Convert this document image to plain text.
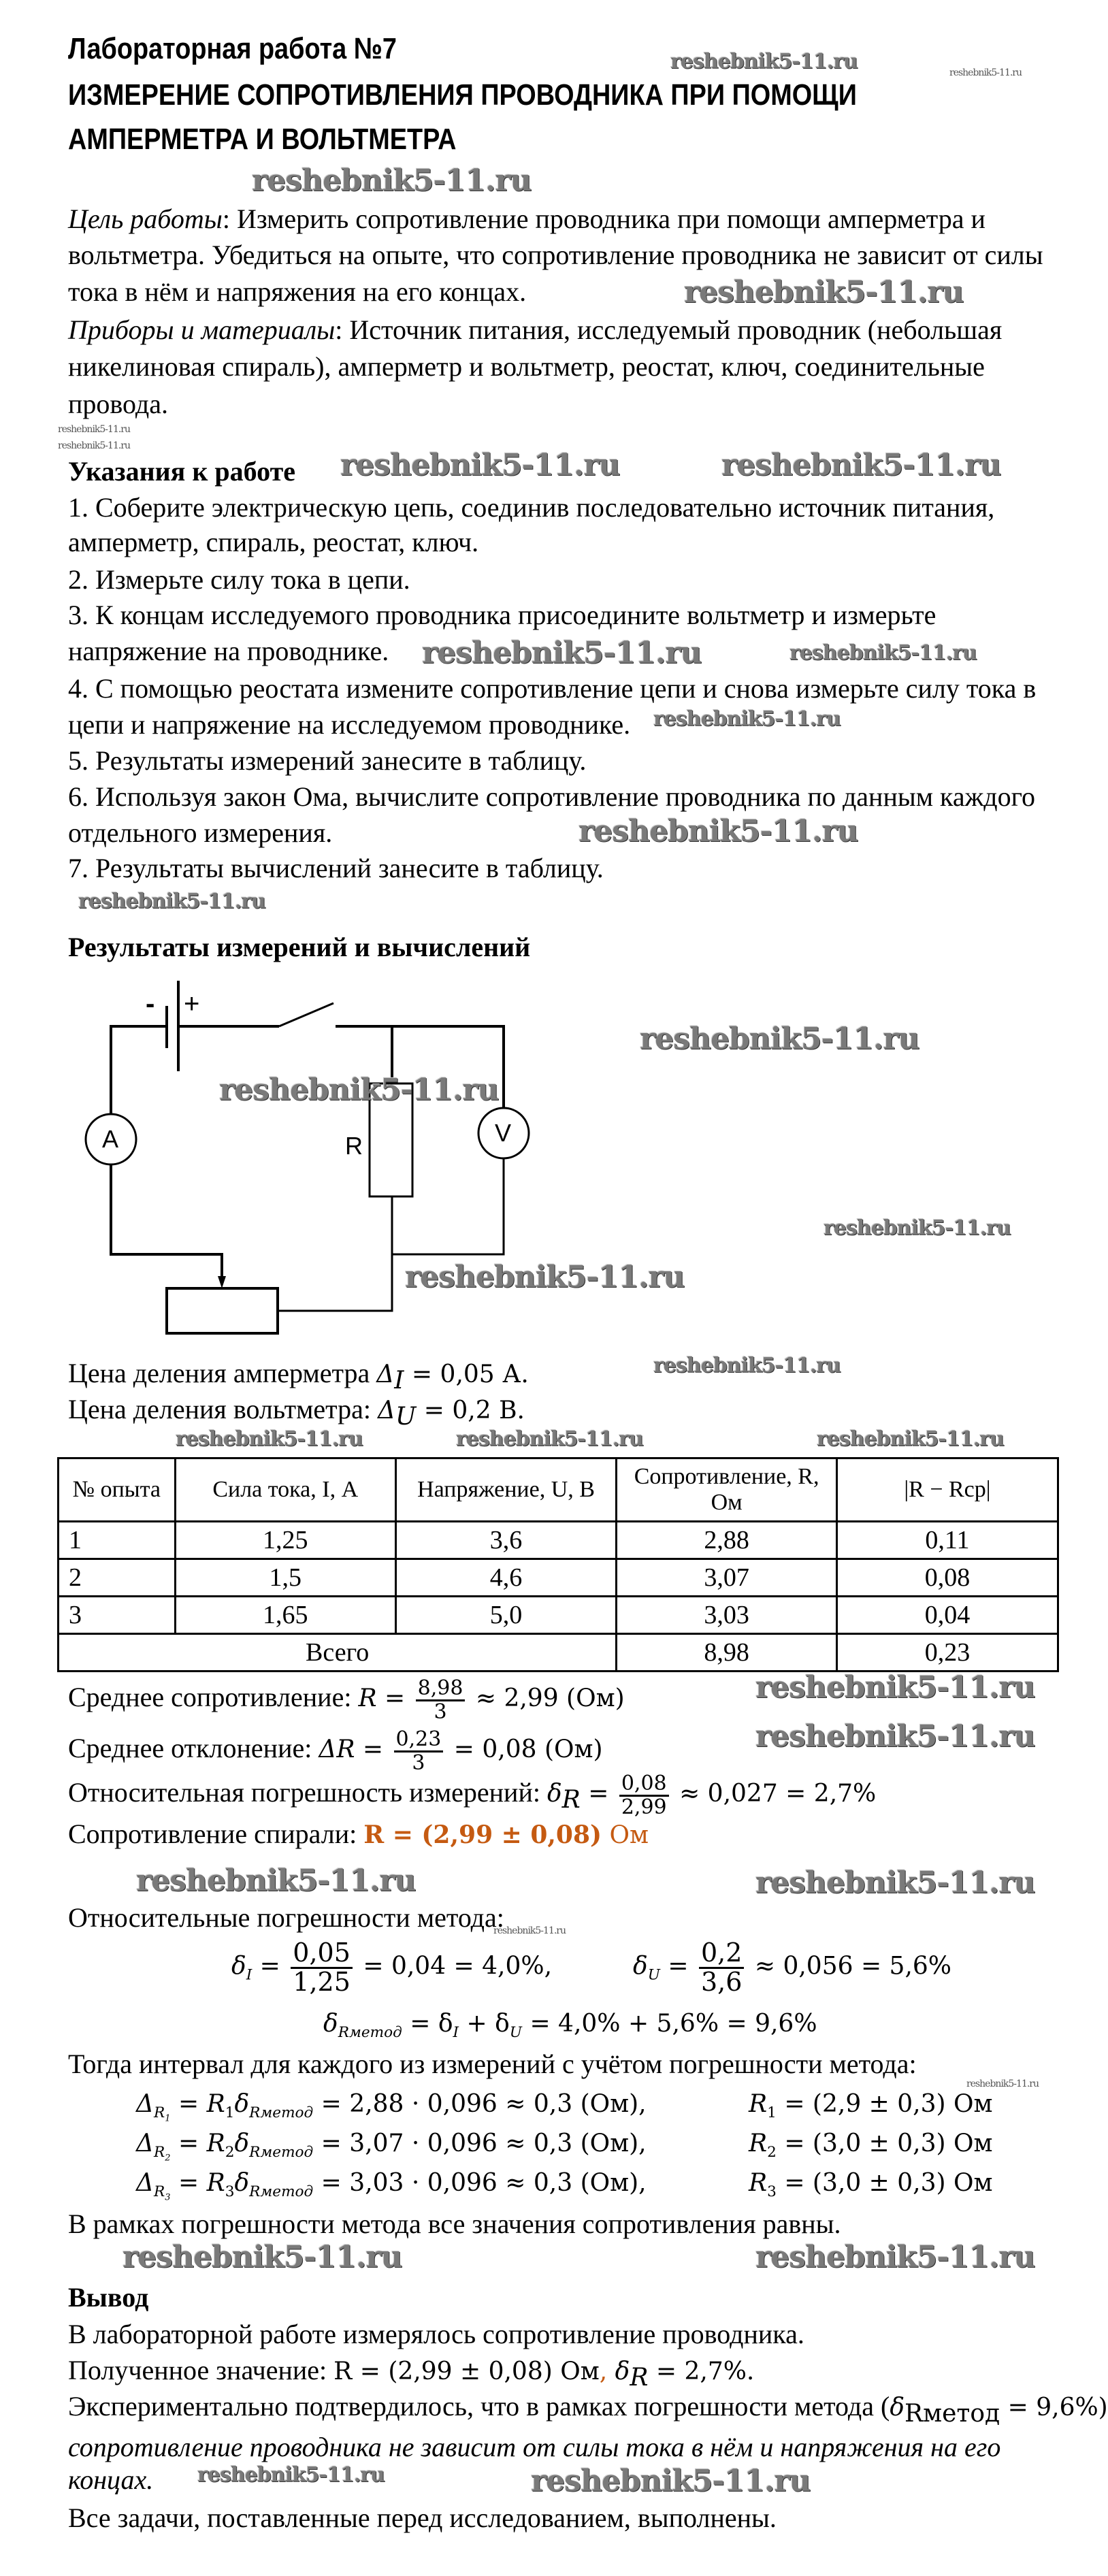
Лабораторная работа №7
ИЗМЕРЕНИЕ СОПРОТИВЛЕНИЯ ПРОВОДНИКА ПРИ ПОМОЩИ
АМПЕРМЕТРА И ВОЛЬТМЕТРА
Цель работы: Измерить сопротивление проводника при помощи амперметра и
вольтметра. Убедиться на опыте, что сопротивление проводника не зависит от силы
тока в нём и напряжения на его концах.
Приборы и материалы: Источник питания, исследуемый проводник (небольшая
никелиновая спираль), амперметр и вольтметр, реостат, ключ, соединительные
провода.
Указания к работе
1. Соберите электрическую цепь, соединив последовательно источник питания,
амперметр, спираль, реостат, ключ.
2. Измерьте силу тока в цепи.
3. К концам исследуемого проводника присоедините вольтметр и измерьте
напряжение на проводнике.
4. С помощью реостата измените сопротивление цепи и снова измерьте силу тока в
цепи и напряжение на исследуемом проводнике.
5. Результаты измерений занесите в таблицу.
6. Используя закон Ома, вычислите сопротивление проводника по данным каждого
отдельного измерения.
7. Результаты вычислений занесите в таблицу.
Результаты измерений и вычислений
- +
A	V
R
Цена деления амперметра $\Delta_I = 0,05$ А.
Цена деления вольтметра: $\Delta_U = 0,2$ В.
№ опыта	Сила тока, I, А	Напряжение, U, В	Сопротивление, R, Ом	|R − Rср|
1	1,25	3,6	2,88	0,11
2	1,5	4,6	3,07	0,08
3	1,65	5,0	3,03	0,04
Всего			8,98	0,23
Среднее сопротивление: $R = \frac{8,98}{3} \approx 2,99$ (Ом)
Среднее отклонение: $\Delta R = \frac{0,23}{3} = 0,08$ (Ом)
Относительная погрешность измерений: $\delta_R = \frac{0,08}{2,99} \approx 0,027 = 2,7\%$
Сопротивление спирали: R = (2,99 ± 0,08) Ом
Относительные погрешности метода:
$\delta_I = \frac{0,05}{1,25} = 0,04 = 4,0\%$,	$\delta_U = \frac{0,2}{3,6} \approx 0,056 = 5,6\%$
$\delta_{Rметод} = \delta_I + \delta_U = 4,0\% + 5,6\% = 9,6\%$
Тогда интервал для каждого из измерений с учётом погрешности метода:
$\Delta_{R_1} = R_1\delta_{Rметод} = 2,88 \cdot 0,096 \approx 0,3$ (Ом),	$R_1 = (2,9 \pm 0,3)$ Ом
$\Delta_{R_2} = R_2\delta_{Rметод} = 3,07 \cdot 0,096 \approx 0,3$ (Ом),	$R_2 = (3,0 \pm 0,3)$ Ом
$\Delta_{R_3} = R_3\delta_{Rметод} = 3,03 \cdot 0,096 \approx 0,3$ (Ом),	$R_3 = (3,0 \pm 0,3)$ Ом
В рамках погрешности метода все значения сопротивления равны.
Вывод
В лабораторной работе измерялось сопротивление проводника.
Полученное значение: R = (2,99 ± 0,08) Ом, $\delta_R = 2,7\%$.
Экспериментально подтвердилось, что в рамках погрешности метода $(\delta_{Rметод} = 9,6\%)$
сопротивление проводника не зависит от силы тока в нём и напряжения на его
концах.
Все задачи, поставленные перед исследованием, выполнены.
reshebnik5-11.ru	reshebnik5-11.ru
reshebnik5-11.ru
reshebnik5-11.ru
reshebnik5-11.ru
reshebnik5-11.ru
reshebnik5-11.ru	reshebnik5-11.ru
reshebnik5-11.ru	reshebnik5-11.ru
reshebnik5-11.ru
reshebnik5-11.ru
reshebnik5-11.ru
reshebnik5-11.ru
reshebnik5-11.ru
reshebnik5-11.ru
reshebnik5-11.ru
reshebnik5-11.ru
reshebnik5-11.ru	reshebnik5-11.ru
reshebnik5-11.ru
reshebnik5-11.ru
reshebnik5-11.ru
reshebnik5-11.ru
reshebnik5-11.ru
reshebnik5-11.ru
reshebnik5-11.ru
reshebnik5-11.ru	reshebnik5-11.ru
reshebnik5-11.ru	reshebnik5-11.ru
